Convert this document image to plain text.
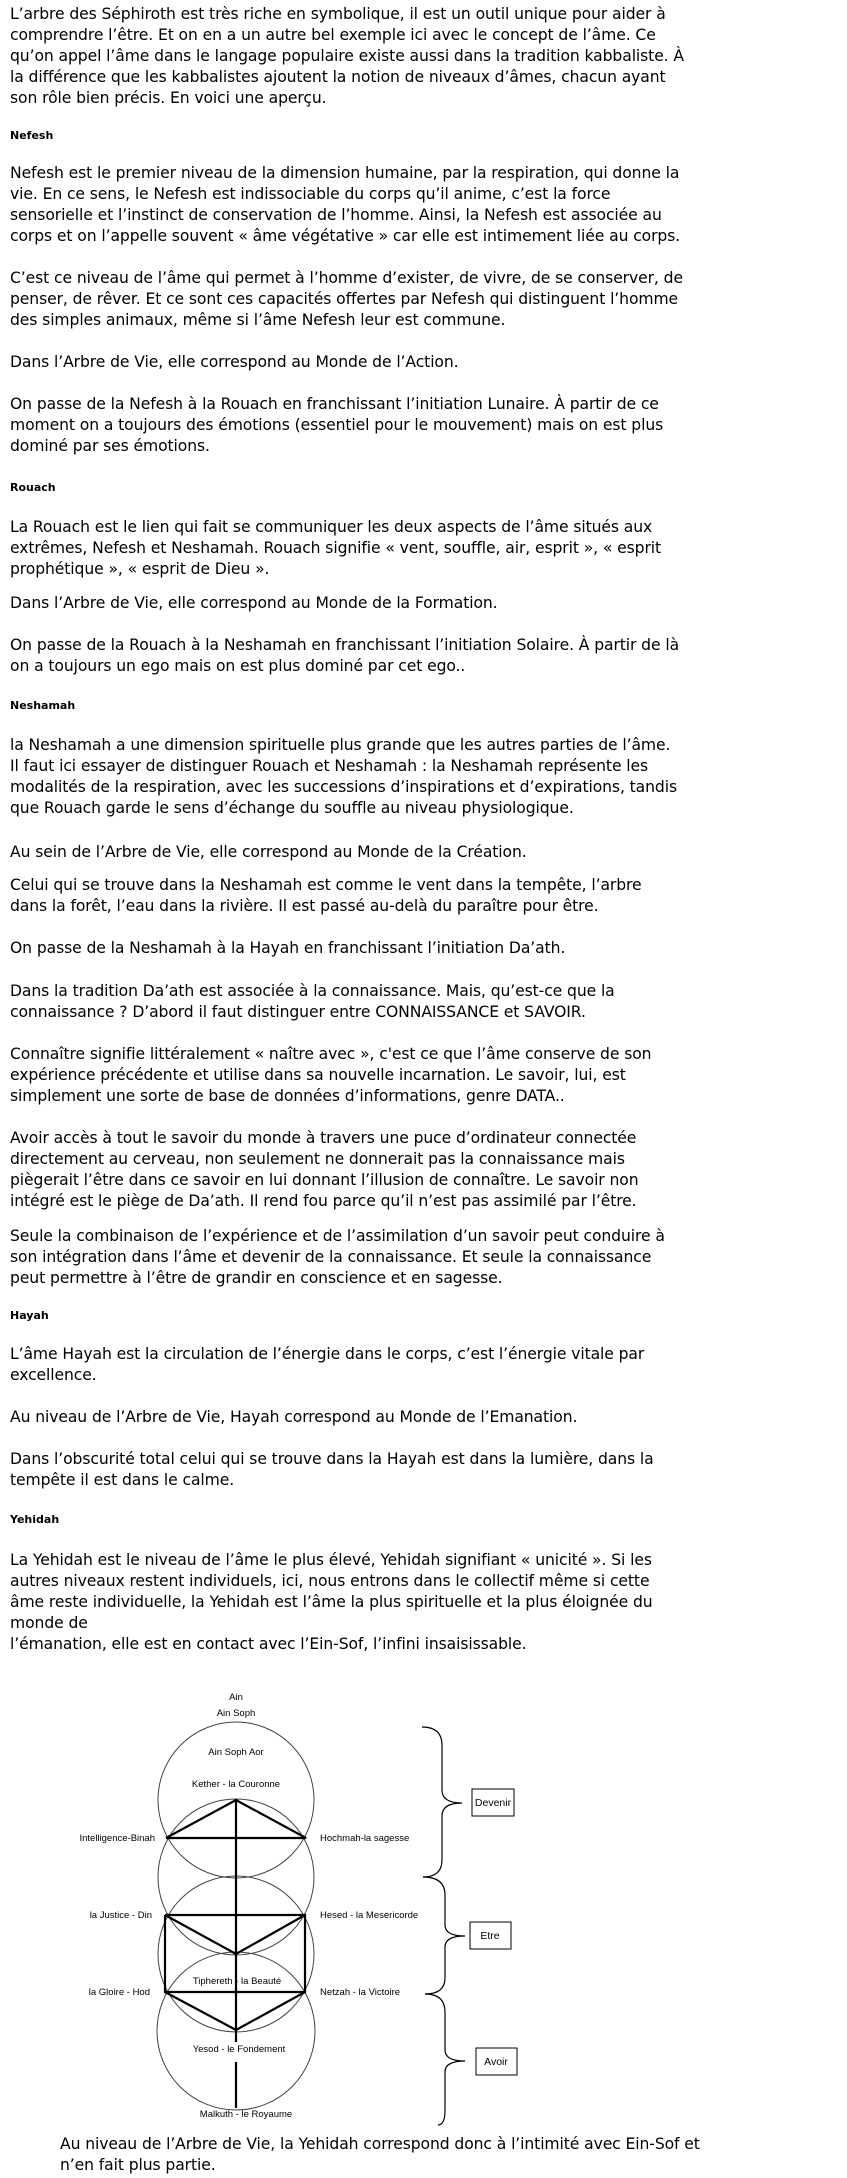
L’arbre des Séphiroth est très riche en symbolique, il est un outil unique pour aider à
comprendre l’être. Et on en a un autre bel exemple ici avec le concept de l’âme. Ce
qu’on appel l’âme dans le langage populaire existe aussi dans la tradition kabbaliste. À
la différence que les kabbalistes ajoutent la notion de niveaux d’âmes, chacun ayant
son rôle bien précis. En voici une aperçu.
Nefesh
Nefesh est le premier niveau de la dimension humaine, par la respiration, qui donne la
vie. En ce sens, le Nefesh est indissociable du corps qu’il anime, c’est la force
sensorielle et l’instinct de conservation de l’homme. Ainsi, la Nefesh est associée au
corps et on l’appelle souvent « âme végétative » car elle est intimement liée au corps.
C’est ce niveau de l’âme qui permet à l’homme d’exister, de vivre, de se conserver, de
penser, de rêver. Et ce sont ces capacités offertes par Nefesh qui distinguent l’homme
des simples animaux, même si l’âme Nefesh leur est commune.
Dans l’Arbre de Vie, elle correspond au Monde de l’Action.
On passe de la Nefesh à la Rouach en franchissant l’initiation Lunaire. À partir de ce
moment on a toujours des émotions (essentiel pour le mouvement) mais on est plus
dominé par ses émotions.
Rouach
La Rouach est le lien qui fait se communiquer les deux aspects de l’âme situés aux
extrêmes, Nefesh et Neshamah. Rouach signifie « vent, souffle, air, esprit », « esprit
prophétique », « esprit de Dieu ».
Dans l’Arbre de Vie, elle correspond au Monde de la Formation.
On passe de la Rouach à la Neshamah en franchissant l’initiation Solaire. À partir de là
on a toujours un ego mais on est plus dominé par cet ego..
Neshamah
la Neshamah a une dimension spirituelle plus grande que les autres parties de l’âme.
Il faut ici essayer de distinguer Rouach et Neshamah : la Neshamah représente les
modalités de la respiration, avec les successions d’inspirations et d’expirations, tandis
que Rouach garde le sens d’échange du souffle au niveau physiologique.
Au sein de l’Arbre de Vie, elle correspond au Monde de la Création.
Celui qui se trouve dans la Neshamah est comme le vent dans la tempête, l’arbre
dans la forêt, l’eau dans la rivière. Il est passé au-delà du paraître pour être.
On passe de la Neshamah à la Hayah en franchissant l’initiation Da’ath.
Dans la tradition Da’ath est associée à la connaissance. Mais, qu’est-ce que la
connaissance ? D’abord il faut distinguer entre CONNAISSANCE et SAVOIR.
Connaître signifie littéralement « naître avec », c'est ce que l’âme conserve de son
expérience précédente et utilise dans sa nouvelle incarnation. Le savoir, lui, est
simplement une sorte de base de données d’informations, genre DATA..
Avoir accès à tout le savoir du monde à travers une puce d’ordinateur connectée
directement au cerveau, non seulement ne donnerait pas la connaissance mais
piègerait l’être dans ce savoir en lui donnant l’illusion de connaître. Le savoir non
intégré est le piège de Da’ath. Il rend fou parce qu’il n’est pas assimilé par l’être.
Seule la combinaison de l’expérience et de l’assimilation d’un savoir peut conduire à
son intégration dans l’âme et devenir de la connaissance. Et seule la connaissance
peut permettre à l’être de grandir en conscience et en sagesse.
Hayah
L’âme Hayah est la circulation de l’énergie dans le corps, c’est l’énergie vitale par
excellence.
Au niveau de l’Arbre de Vie, Hayah correspond au Monde de l’Emanation.
Dans l’obscurité total celui qui se trouve dans la Hayah est dans la lumière, dans la
tempête il est dans le calme.
Yehidah
La Yehidah est le niveau de l’âme le plus élevé, Yehidah signifiant « unicité ». Si les
autres niveaux restent individuels, ici, nous entrons dans le collectif même si cette
âme reste individuelle, la Yehidah est l’âme la plus spirituelle et la plus éloignée du
monde de
l’émanation, elle est en contact avec l’Ein-Sof, l’infini insaisissable.
Ain
Ain Soph
Ain Soph Aor
Kether - la Couronne
Tiphereth - la Beauté
Yesod - le Fondement
Malkuth - le Royaume
Intelligence-Binah
la Justice - Din
la Gloire - Hod
Hochmah-la sagesse
Hesed - la Mesericorde
Netzah - la Victoire
Devenir
Etre
Avoir
Au niveau de l’Arbre de Vie, la Yehidah correspond donc à l’intimité avec Ein-Sof et
n’en fait plus partie.
